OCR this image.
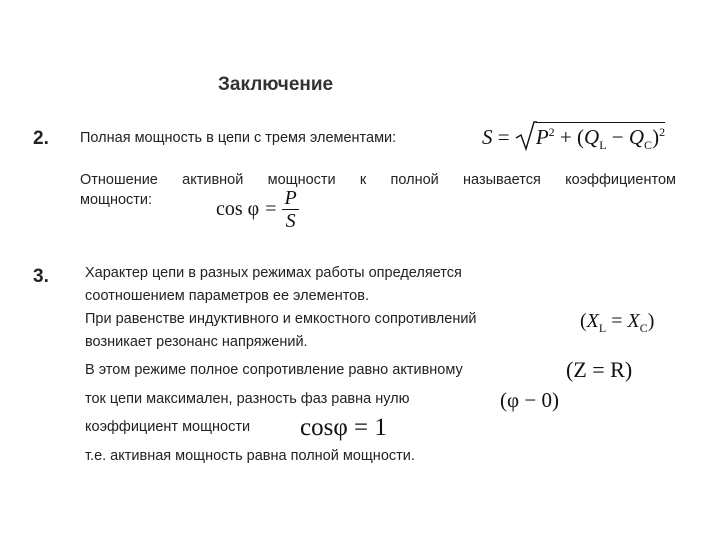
Заключение
2. Полная мощность в цепи с тремя элементами:	$S = P^2 + (Q_L - Q_C)^2$
Отношение активной мощности к полной называется коэффициентом
мощности:	$\cos \varphi = \frac{P}{S}$
3. Характер цепи в разных режимах работы определяется
соотношением параметров ее элементов.
При равенстве индуктивного и емкостного сопротивлений
возникает резонанс напряжений.
$(X_L = X_C)$
В этом режиме полное сопротивление равно активному	(Z = R)
ток цепи максимален, разность фаз равна нулю	(φ − 0)
коэффициент мощности cosφ = 1
т.е. активная мощность равна полной мощности.
